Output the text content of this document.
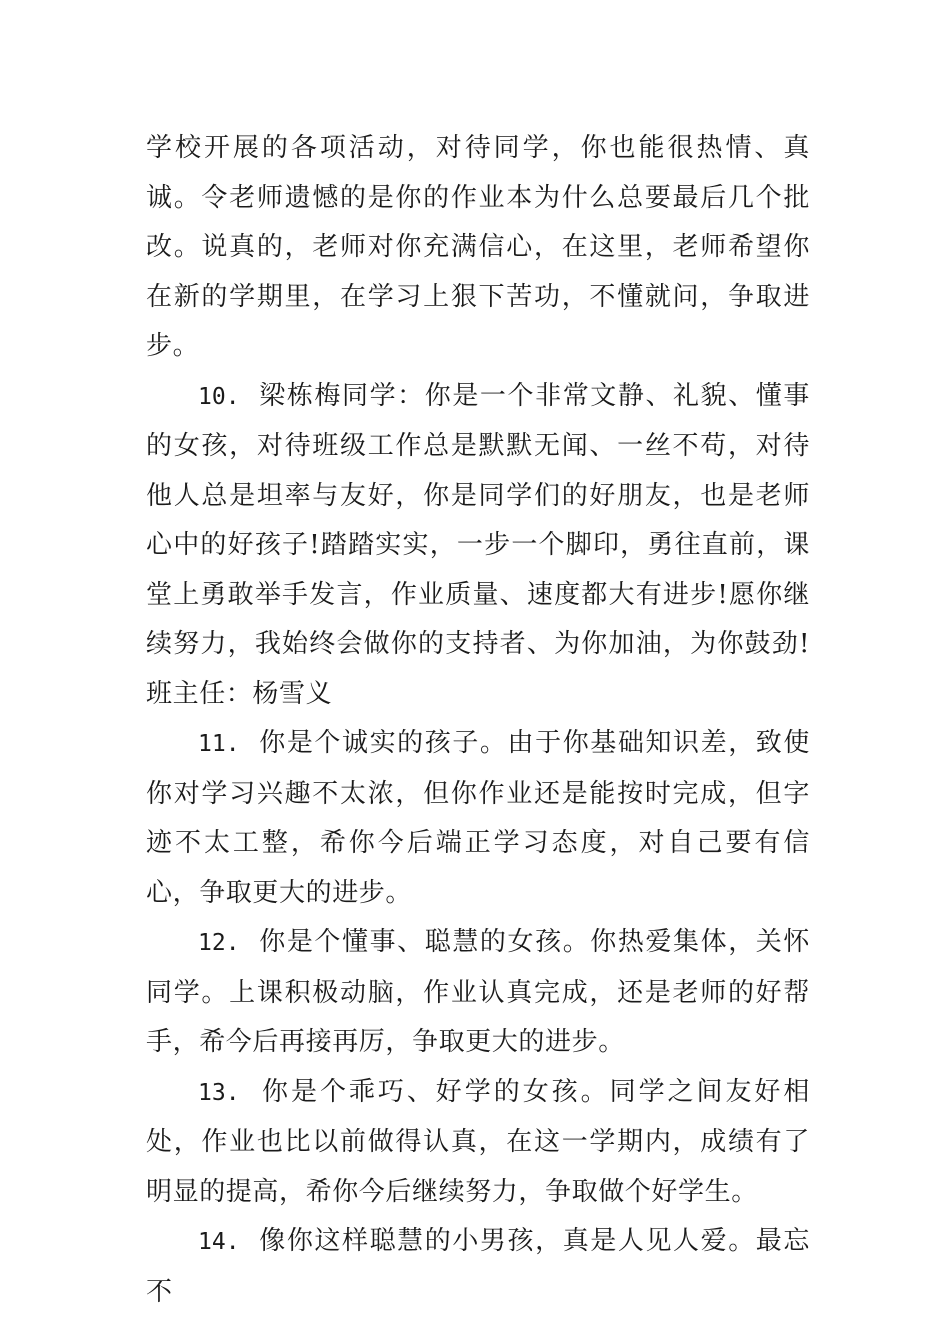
学校开展的各项活动，对待同学，你也能很热情、真诚。令老师遗憾的是你的作业本为什么总要最后几个批改。说真的，老师对你充满信心，在这里，老师希望你在新的学期里，在学习上狠下苦功，不懂就问，争取进步。

10. 梁栋梅同学：你是一个非常文静、礼貌、懂事的女孩，对待班级工作总是默默无闻、一丝不苟，对待他人总是坦率与友好，你是同学们的好朋友，也是老师心中的好孩子!踏踏实实，一步一个脚印，勇往直前，课堂上勇敢举手发言，作业质量、速度都大有进步!愿你继续努力，我始终会做你的支持者、为你加油，为你鼓劲!班主任：杨雪义

11. 你是个诚实的孩子。由于你基础知识差，致使你对学习兴趣不太浓，但你作业还是能按时完成，但字迹不太工整，希你今后端正学习态度，对自己要有信心，争取更大的进步。

12. 你是个懂事、聪慧的女孩。你热爱集体，关怀同学。上课积极动脑，作业认真完成，还是老师的好帮手，希今后再接再厉，争取更大的进步。

13. 你是个乖巧、好学的女孩。同学之间友好相处，作业也比以前做得认真，在这一学期内，成绩有了明显的提高，希你今后继续努力，争取做个好学生。

14. 像你这样聪慧的小男孩，真是人见人爱。最忘不
